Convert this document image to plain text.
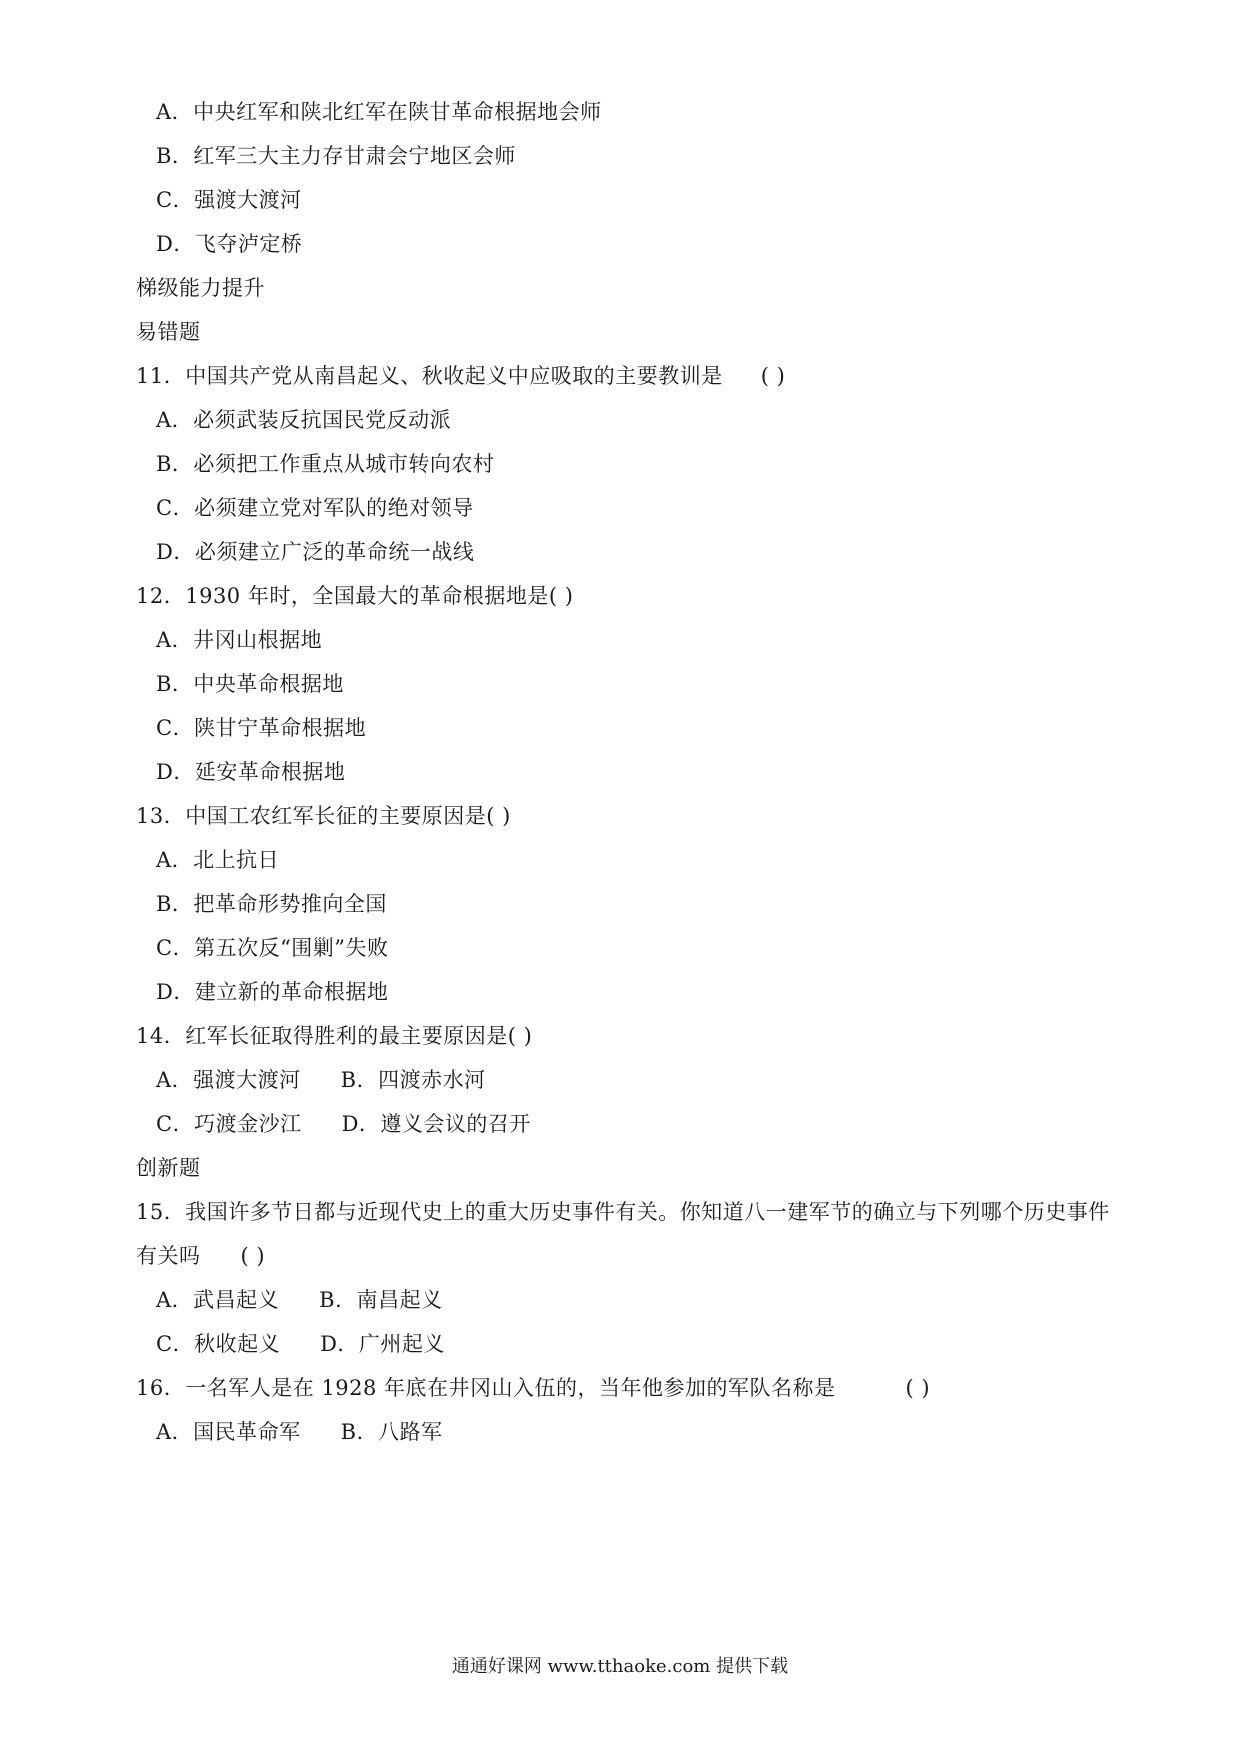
A．中央红军和陕北红军在陕甘革命根据地会师
B．红军三大主力存甘肃会宁地区会师
C．强渡大渡河
D．飞夺泸定桥
梯级能力提升
易错题
11．中国共产党从南昌起义、秋收起义中应吸取的主要教训是 ( )
A．必须武装反抗国民党反动派
B．必须把工作重点从城市转向农村
C．必须建立党对军队的绝对领导
D．必须建立广泛的革命统一战线
12．1930 年时，全国最大的革命根据地是( )
A．井冈山根据地
B．中央革命根据地
C．陕甘宁革命根据地
D．延安革命根据地
13．中国工农红军长征的主要原因是( )
A．北上抗日
B．把革命形势推向全国
C．第五次反“围剿”失败
D．建立新的革命根据地
14．红军长征取得胜利的最主要原因是( )
A．强渡大渡河 B．四渡赤水河
C．巧渡金沙江 D．遵义会议的召开
创新题
15．我国许多节日都与近现代史上的重大历史事件有关。你知道八一建军节的确立与下列哪个历史事件
有关吗 ( )
A．武昌起义 B．南昌起义
C．秋收起义 D．广州起义
16．一名军人是在 1928 年底在井冈山入伍的，当年他参加的军队名称是	( )
A．国民革命军 B．八路军
通通好课网 www.tthaoke.com 提供下载
